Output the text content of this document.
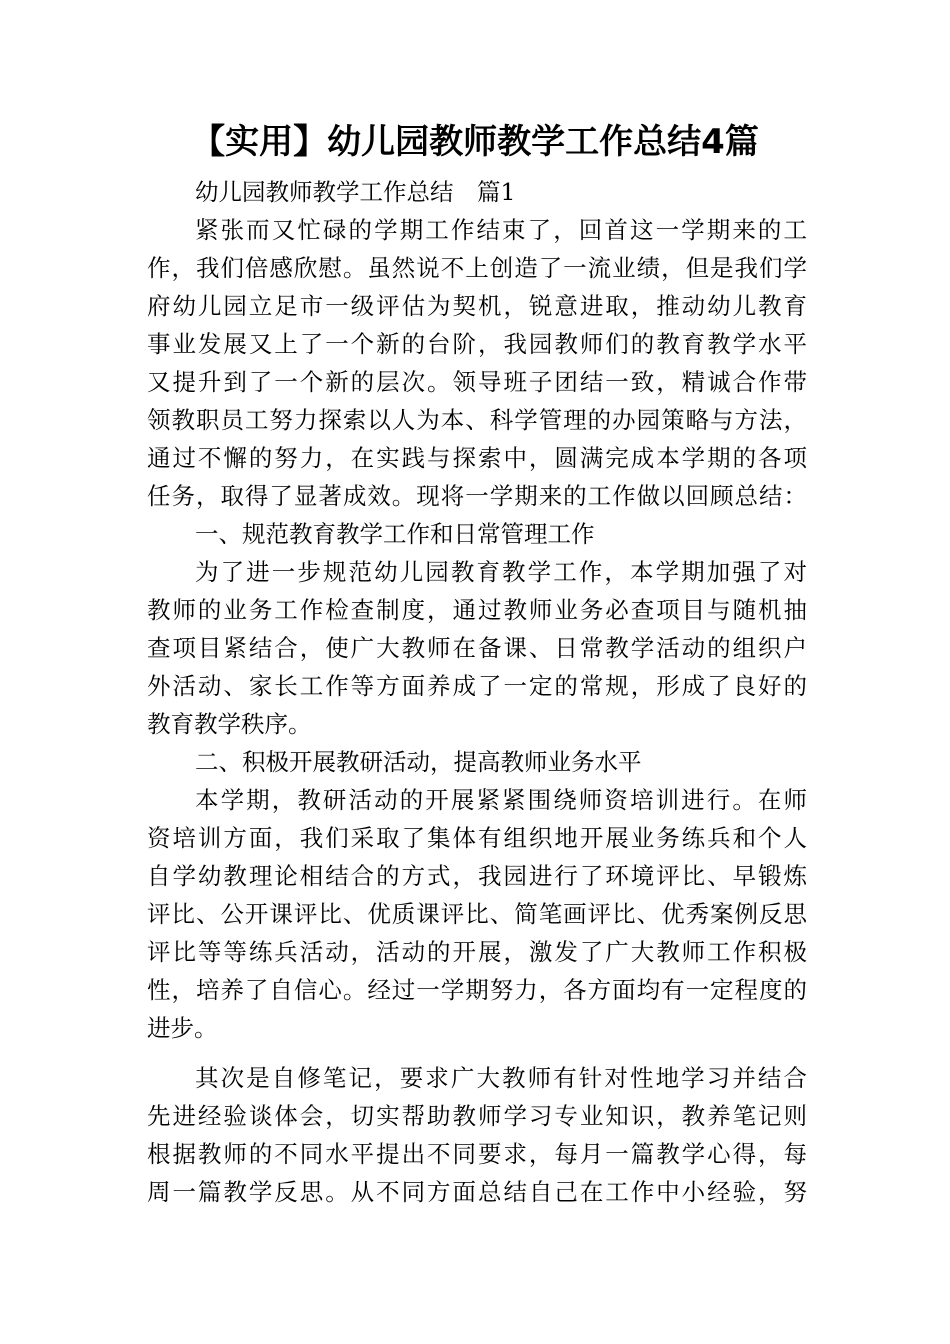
【实用】幼儿园教师教学工作总结4篇
幼儿园教师教学工作总结　篇1
紧张而又忙碌的学期工作结束了，回首这一学期来的工
作，我们倍感欣慰。虽然说不上创造了一流业绩，但是我们学
府幼儿园立足市一级评估为契机，锐意进取，推动幼儿教育
事业发展又上了一个新的台阶，我园教师们的教育教学水平
又提升到了一个新的层次。领导班子团结一致，精诚合作带
领教职员工努力探索以人为本、科学管理的办园策略与方法，
通过不懈的努力，在实践与探索中，圆满完成本学期的各项
任务，取得了显著成效。现将一学期来的工作做以回顾总结：
一、规范教育教学工作和日常管理工作
为了进一步规范幼儿园教育教学工作，本学期加强了对
教师的业务工作检查制度，通过教师业务必查项目与随机抽
查项目紧结合，使广大教师在备课、日常教学活动的组织户
外活动、家长工作等方面养成了一定的常规，形成了良好的
教育教学秩序。
二、积极开展教研活动，提高教师业务水平
本学期，教研活动的开展紧紧围绕师资培训进行。在师
资培训方面，我们采取了集体有组织地开展业务练兵和个人
自学幼教理论相结合的方式，我园进行了环境评比、早锻炼
评比、公开课评比、优质课评比、简笔画评比、优秀案例反思
评比等等练兵活动，活动的开展，激发了广大教师工作积极
性，培养了自信心。经过一学期努力，各方面均有一定程度的
进步。
其次是自修笔记，要求广大教师有针对性地学习并结合
先进经验谈体会，切实帮助教师学习专业知识，教养笔记则
根据教师的不同水平提出不同要求，每月一篇教学心得，每
周一篇教学反思。从不同方面总结自己在工作中小经验，努
